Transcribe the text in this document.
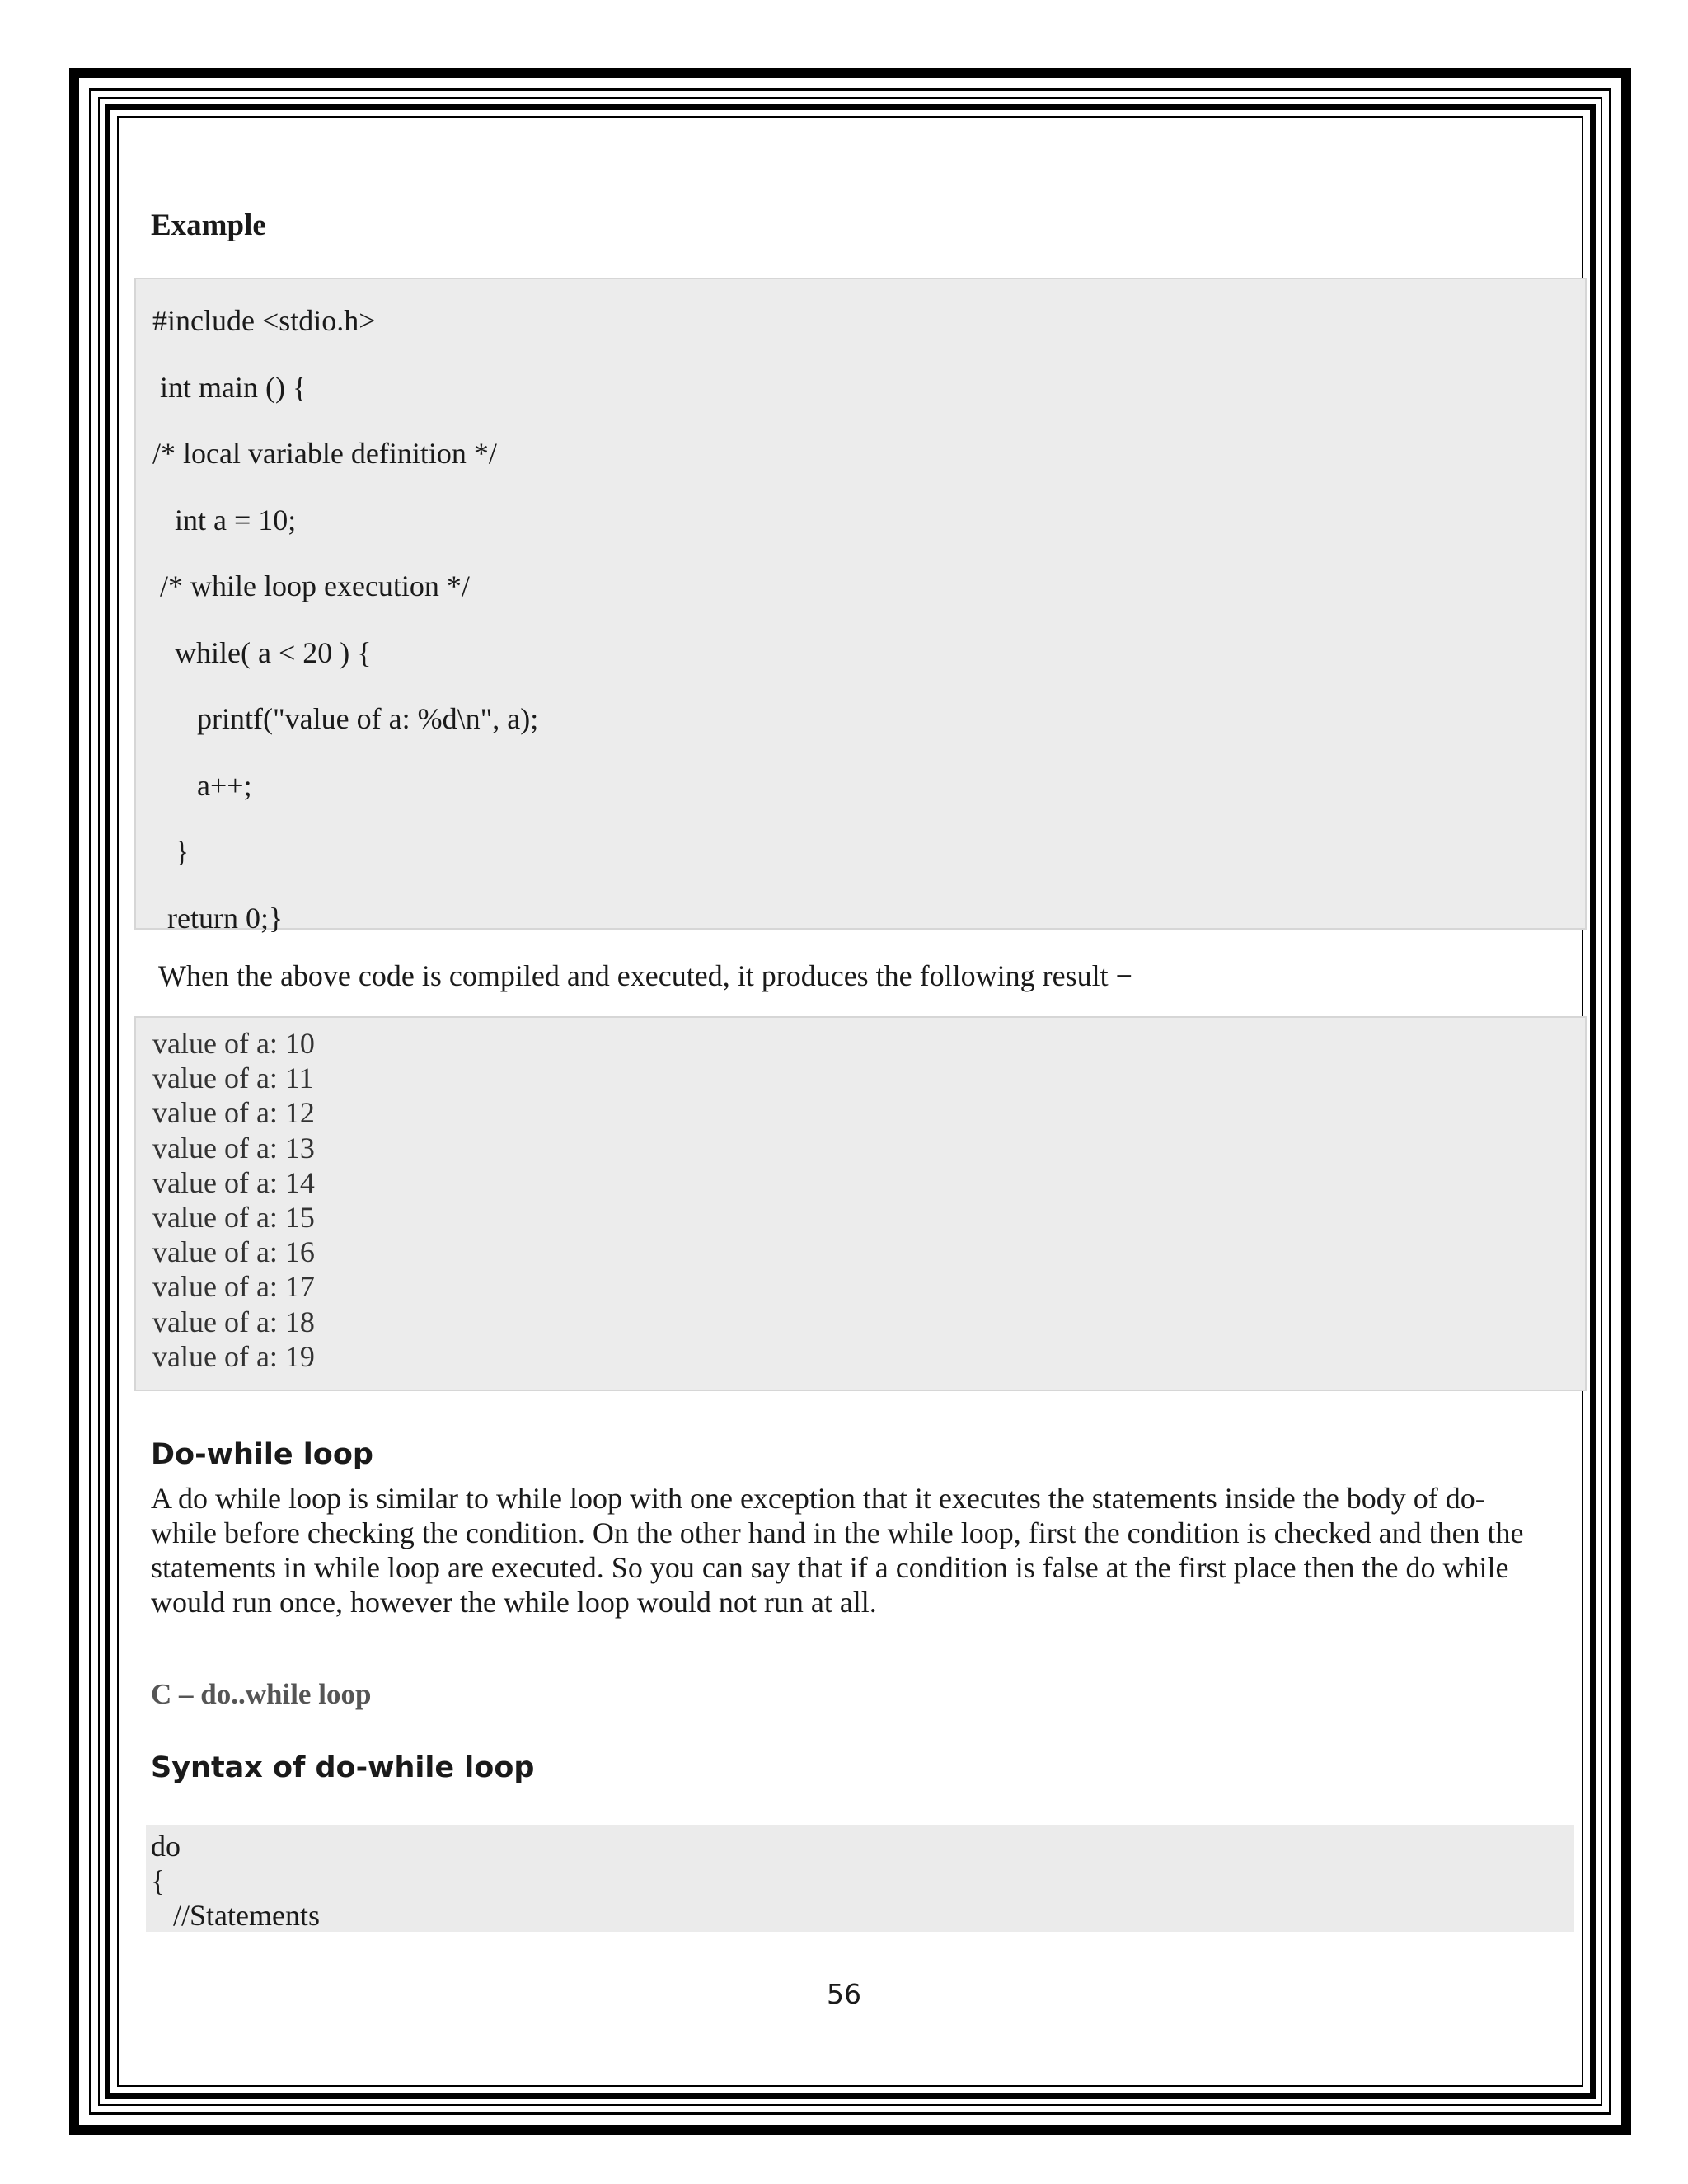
Example
#include <stdio.h>
int main () {
/* local variable definition */
int a = 10;
/* while loop execution */
while( a < 20 ) {
printf("value of a: %d\n", a);
a++;
}
return 0;}

When the above code is compiled and executed, it produces the following result −

value of a: 10
value of a: 11
value of a: 12
value of a: 13
value of a: 14
value of a: 15
value of a: 16
value of a: 17
value of a: 18
value of a: 19
Do-while loop
A do while loop is similar to while loop with one exception that it executes the statements inside the body of do-
while before checking the condition. On the other hand in the while loop, first the condition is checked and then the
statements in while loop are executed. So you can say that if a condition is false at the first place then the do while
would run once, however the while loop would not run at all.
C – do..while loop
Syntax of do-while loop
do
{
//Statements
56
